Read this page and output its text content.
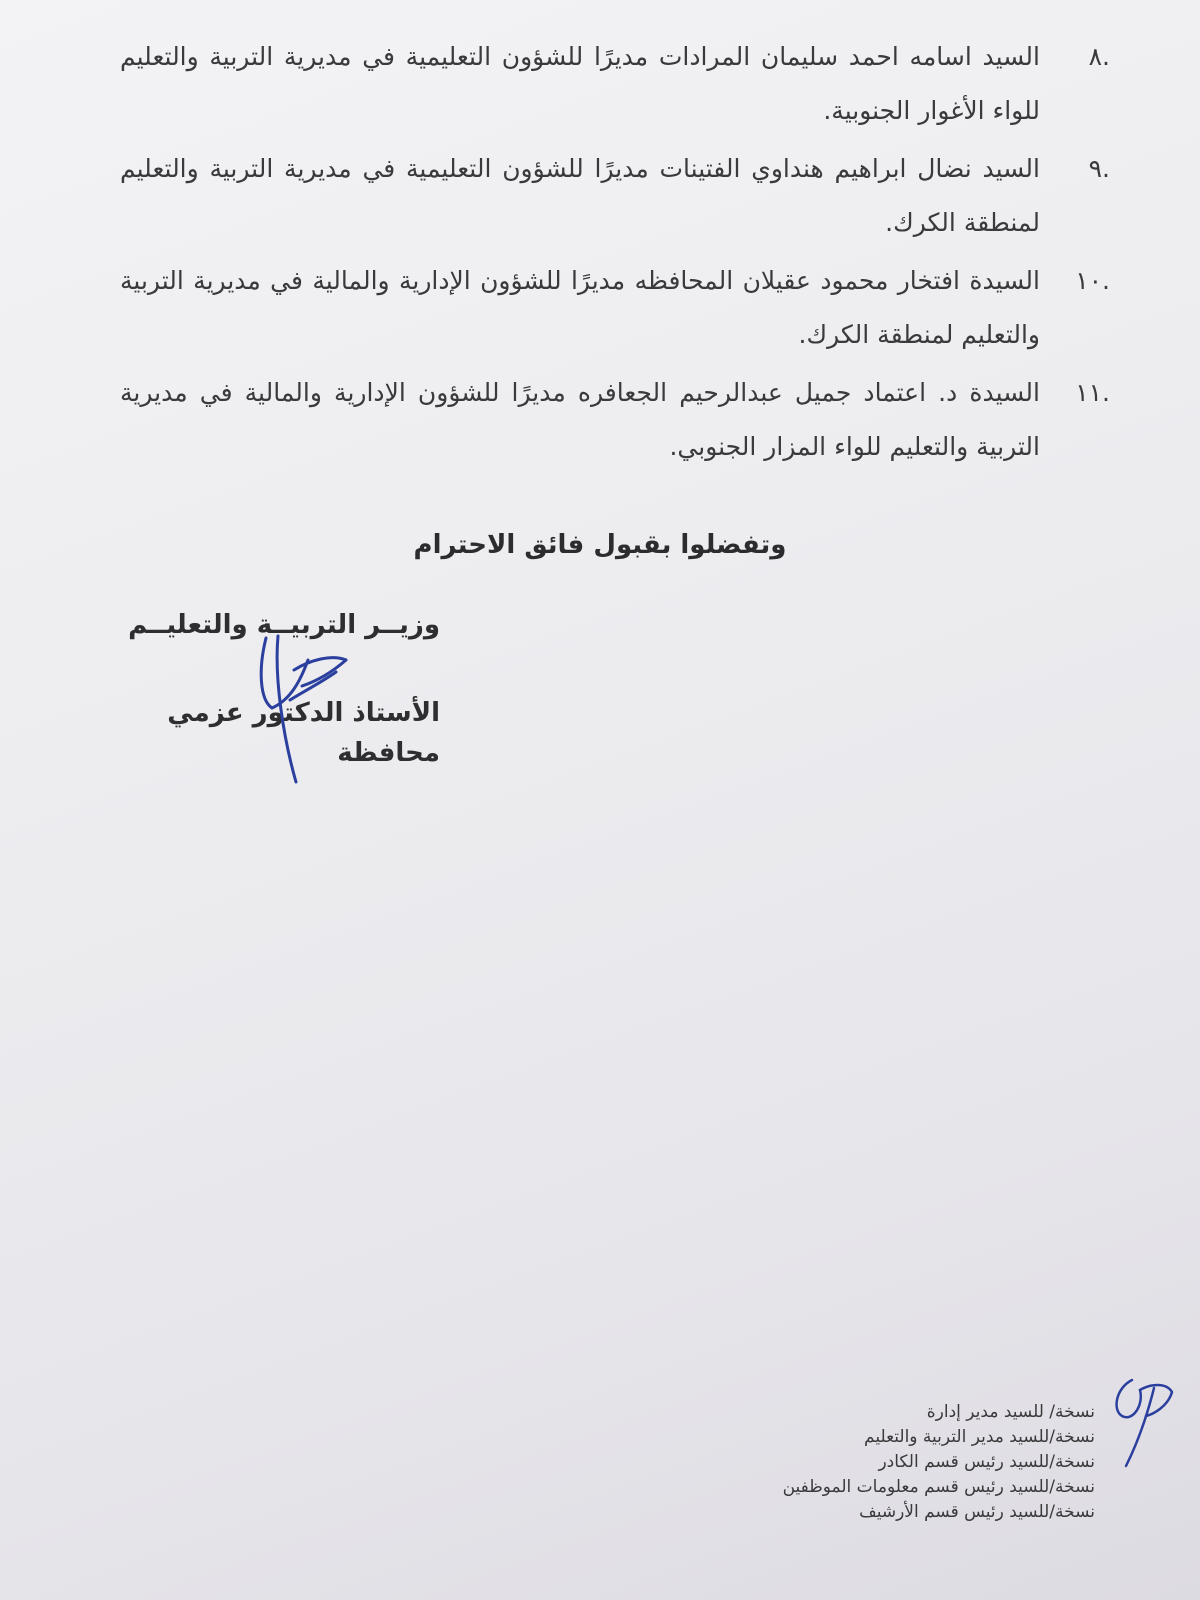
.٨
السيد اسامه احمد سليمان المرادات مديرًا للشؤون التعليمية في مديرية التربية والتعليم للواء الأغوار الجنوبية.
.٩
السيد نضال ابراهيم هنداوي الفتينات مديرًا للشؤون التعليمية في مديرية التربية والتعليم لمنطقة الكرك.
.١٠
السيدة افتخار محمود عقيلان المحافظه مديرًا للشؤون الإدارية والمالية في مديرية التربية والتعليم لمنطقة الكرك.
.١١
السيدة د. اعتماد جميل عبدالرحيم الجعافره مديرًا للشؤون الإدارية والمالية في مديرية التربية والتعليم للواء المزار الجنوبي.
وتفضلوا بقبول فائق الاحترام
وزيــر التربيــة والتعليــم
الأستاذ الدكتور عزمي محافظة
نسخة/ للسيد مدير إدارة
نسخة/للسيد مدير التربية والتعليم
نسخة/للسيد رئيس قسم الكادر
نسخة/للسيد رئيس قسم معلومات الموظفين
نسخة/للسيد رئيس قسم الأرشيف
